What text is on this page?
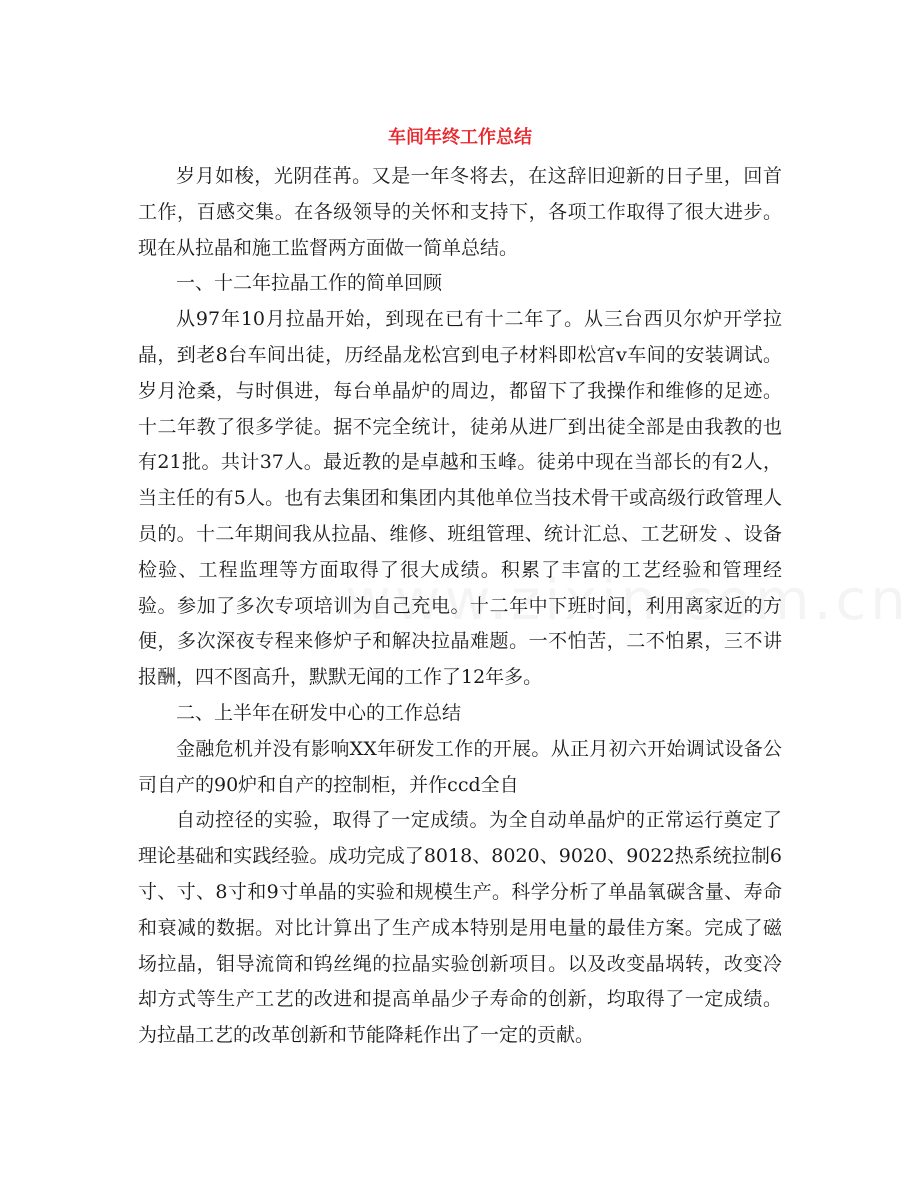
车间年终工作总结

岁月如梭，光阴荏苒。又是一年冬将去，在这辞旧迎新的日子里，回首工作，百感交集。在各级领导的关怀和支持下，各项工作取得了很大进步。现在从拉晶和施工监督两方面做一简单总结。

一、十二年拉晶工作的简单回顾

从97年10月拉晶开始，到现在已有十二年了。从三台西贝尔炉开学拉晶，到老8台车间出徒，历经晶龙松宫到电子材料即松宫v车间的安装调试。岁月沧桑，与时俱进，每台单晶炉的周边，都留下了我操作和维修的足迹。十二年教了很多学徒。据不完全统计，徒弟从进厂到出徒全部是由我教的也有21批。共计37人。最近教的是卓越和玉峰。徒弟中现在当部长的有2人，当主任的有5人。也有去集团和集团内其他单位当技术骨干或高级行政管理人员的。十二年期间我从拉晶、维修、班组管理、统计汇总、工艺研发 、设备检验、工程监理等方面取得了很大成绩。积累了丰富的工艺经验和管理经验。参加了多次专项培训为自己充电。十二年中下班时间，利用离家近的方便，多次深夜专程来修炉子和解决拉晶难题。一不怕苦，二不怕累，三不讲报酬，四不图高升，默默无闻的工作了12年多。

二、上半年在研发中心的工作总结

金融危机并没有影响XX年研发工作的开展。从正月初六开始调试设备公司自产的90炉和自产的控制柜，并作ccd全自

自动控径的实验，取得了一定成绩。为全自动单晶炉的正常运行奠定了理论基础和实践经验。成功完成了8018、8020、9020、9022热系统拉制6寸、寸、8寸和9寸单晶的实验和规模生产。科学分析了单晶氧碳含量、寿命和衰减的数据。对比计算出了生产成本特别是用电量的最佳方案。完成了磁场拉晶，钼导流筒和钨丝绳的拉晶实验创新项目。以及改变晶埚转，改变冷却方式等生产工艺的改进和提高单晶少子寿命的创新，均取得了一定成绩。为拉晶工艺的改革创新和节能降耗作出了一定的贡献。
